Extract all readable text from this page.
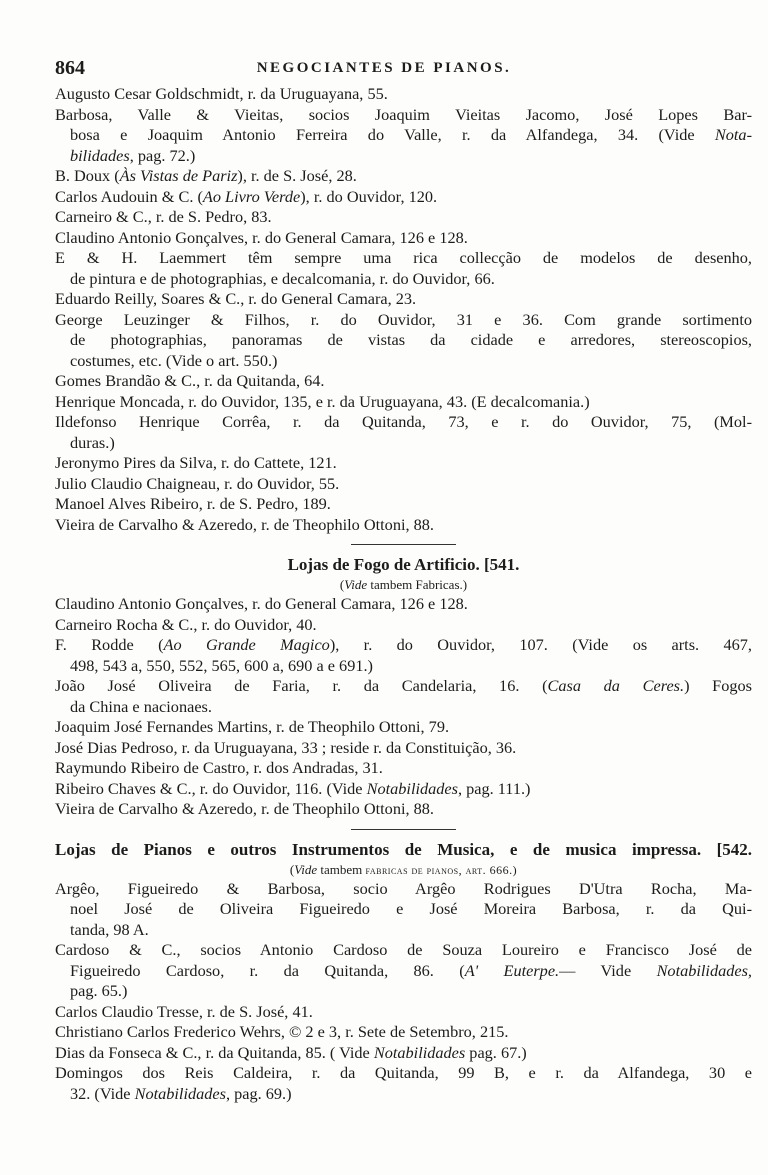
864	NEGOCIANTES DE PIANOS.
Augusto Cesar Goldschmidt, r. da Uruguayana, 55.
Barbosa, Valle & Vieitas, socios Joaquim Vieitas Jacomo, José Lopes Bar-
bosa e Joaquim Antonio Ferreira do Valle, r. da Alfandega, 34. (Vide Nota-
bilidades, pag. 72.)
B. Doux (Às Vistas de Pariz), r. de S. José, 28.
Carlos Audouin & C. (Ao Livro Verde), r. do Ouvidor, 120.
Carneiro & C., r. de S. Pedro, 83.
Claudino Antonio Gonçalves, r. do General Camara, 126 e 128.
E & H. Laemmert têm sempre uma rica collecção de modelos de desenho,
de pintura e de photographias, e decalcomania, r. do Ouvidor, 66.
Eduardo Reilly, Soares & C., r. do General Camara, 23.
George Leuzinger & Filhos, r. do Ouvidor, 31 e 36. Com grande sortimento
de photographias, panoramas de vistas da cidade e arredores, stereoscopios,
costumes, etc. (Vide o art. 550.)
Gomes Brandão & C., r. da Quitanda, 64.
Henrique Moncada, r. do Ouvidor, 135, e r. da Uruguayana, 43. (E decalcomania.)
Ildefonso Henrique Corrêa, r. da Quitanda, 73, e r. do Ouvidor, 75, (Mol-
duras.)
Jeronymo Pires da Silva, r. do Cattete, 121.
Julio Claudio Chaigneau, r. do Ouvidor, 55.
Manoel Alves Ribeiro, r. de S. Pedro, 189.
Vieira de Carvalho & Azeredo, r. de Theophilo Ottoni, 88.
Lojas de Fogo de Artificio. [541.
(Vide tambem Fabricas.)
Claudino Antonio Gonçalves, r. do General Camara, 126 e 128.
Carneiro Rocha & C., r. do Ouvidor, 40.
F. Rodde (Ao Grande Magico), r. do Ouvidor, 107. (Vide os arts. 467,
498, 543 a, 550, 552, 565, 600 a, 690 a e 691.)
João José Oliveira de Faria, r. da Candelaria, 16. (Casa da Ceres.) Fogos
da China e nacionaes.
Joaquim José Fernandes Martins, r. de Theophilo Ottoni, 79.
José Dias Pedroso, r. da Uruguayana, 33 ; reside r. da Constituição, 36.
Raymundo Ribeiro de Castro, r. dos Andradas, 31.
Ribeiro Chaves & C., r. do Ouvidor, 116. (Vide Notabilidades, pag. 111.)
Vieira de Carvalho & Azeredo, r. de Theophilo Ottoni, 88.
Lojas de Pianos e outros Instrumentos de Musica, e de musica impressa. [542.
(Vide tambem fabricas de pianos, art. 666.)
Argêo, Figueiredo & Barbosa, socio Argêo Rodrigues D'Utra Rocha, Ma-
noel José de Oliveira Figueiredo e José Moreira Barbosa, r. da Qui-
tanda, 98 A.
Cardoso & C., socios Antonio Cardoso de Souza Loureiro e Francisco José de
Figueiredo Cardoso, r. da Quitanda, 86. (A' Euterpe.— Vide Notabilidades,
pag. 65.)
Carlos Claudio Tresse, r. de S. José, 41.
Christiano Carlos Frederico Wehrs, © 2 e 3, r. Sete de Setembro, 215.
Dias da Fonseca & C., r. da Quitanda, 85. ( Vide Notabilidades pag. 67.)
Domingos dos Reis Caldeira, r. da Quitanda, 99 B, e r. da Alfandega, 30 e
32. (Vide Notabilidades, pag. 69.)
